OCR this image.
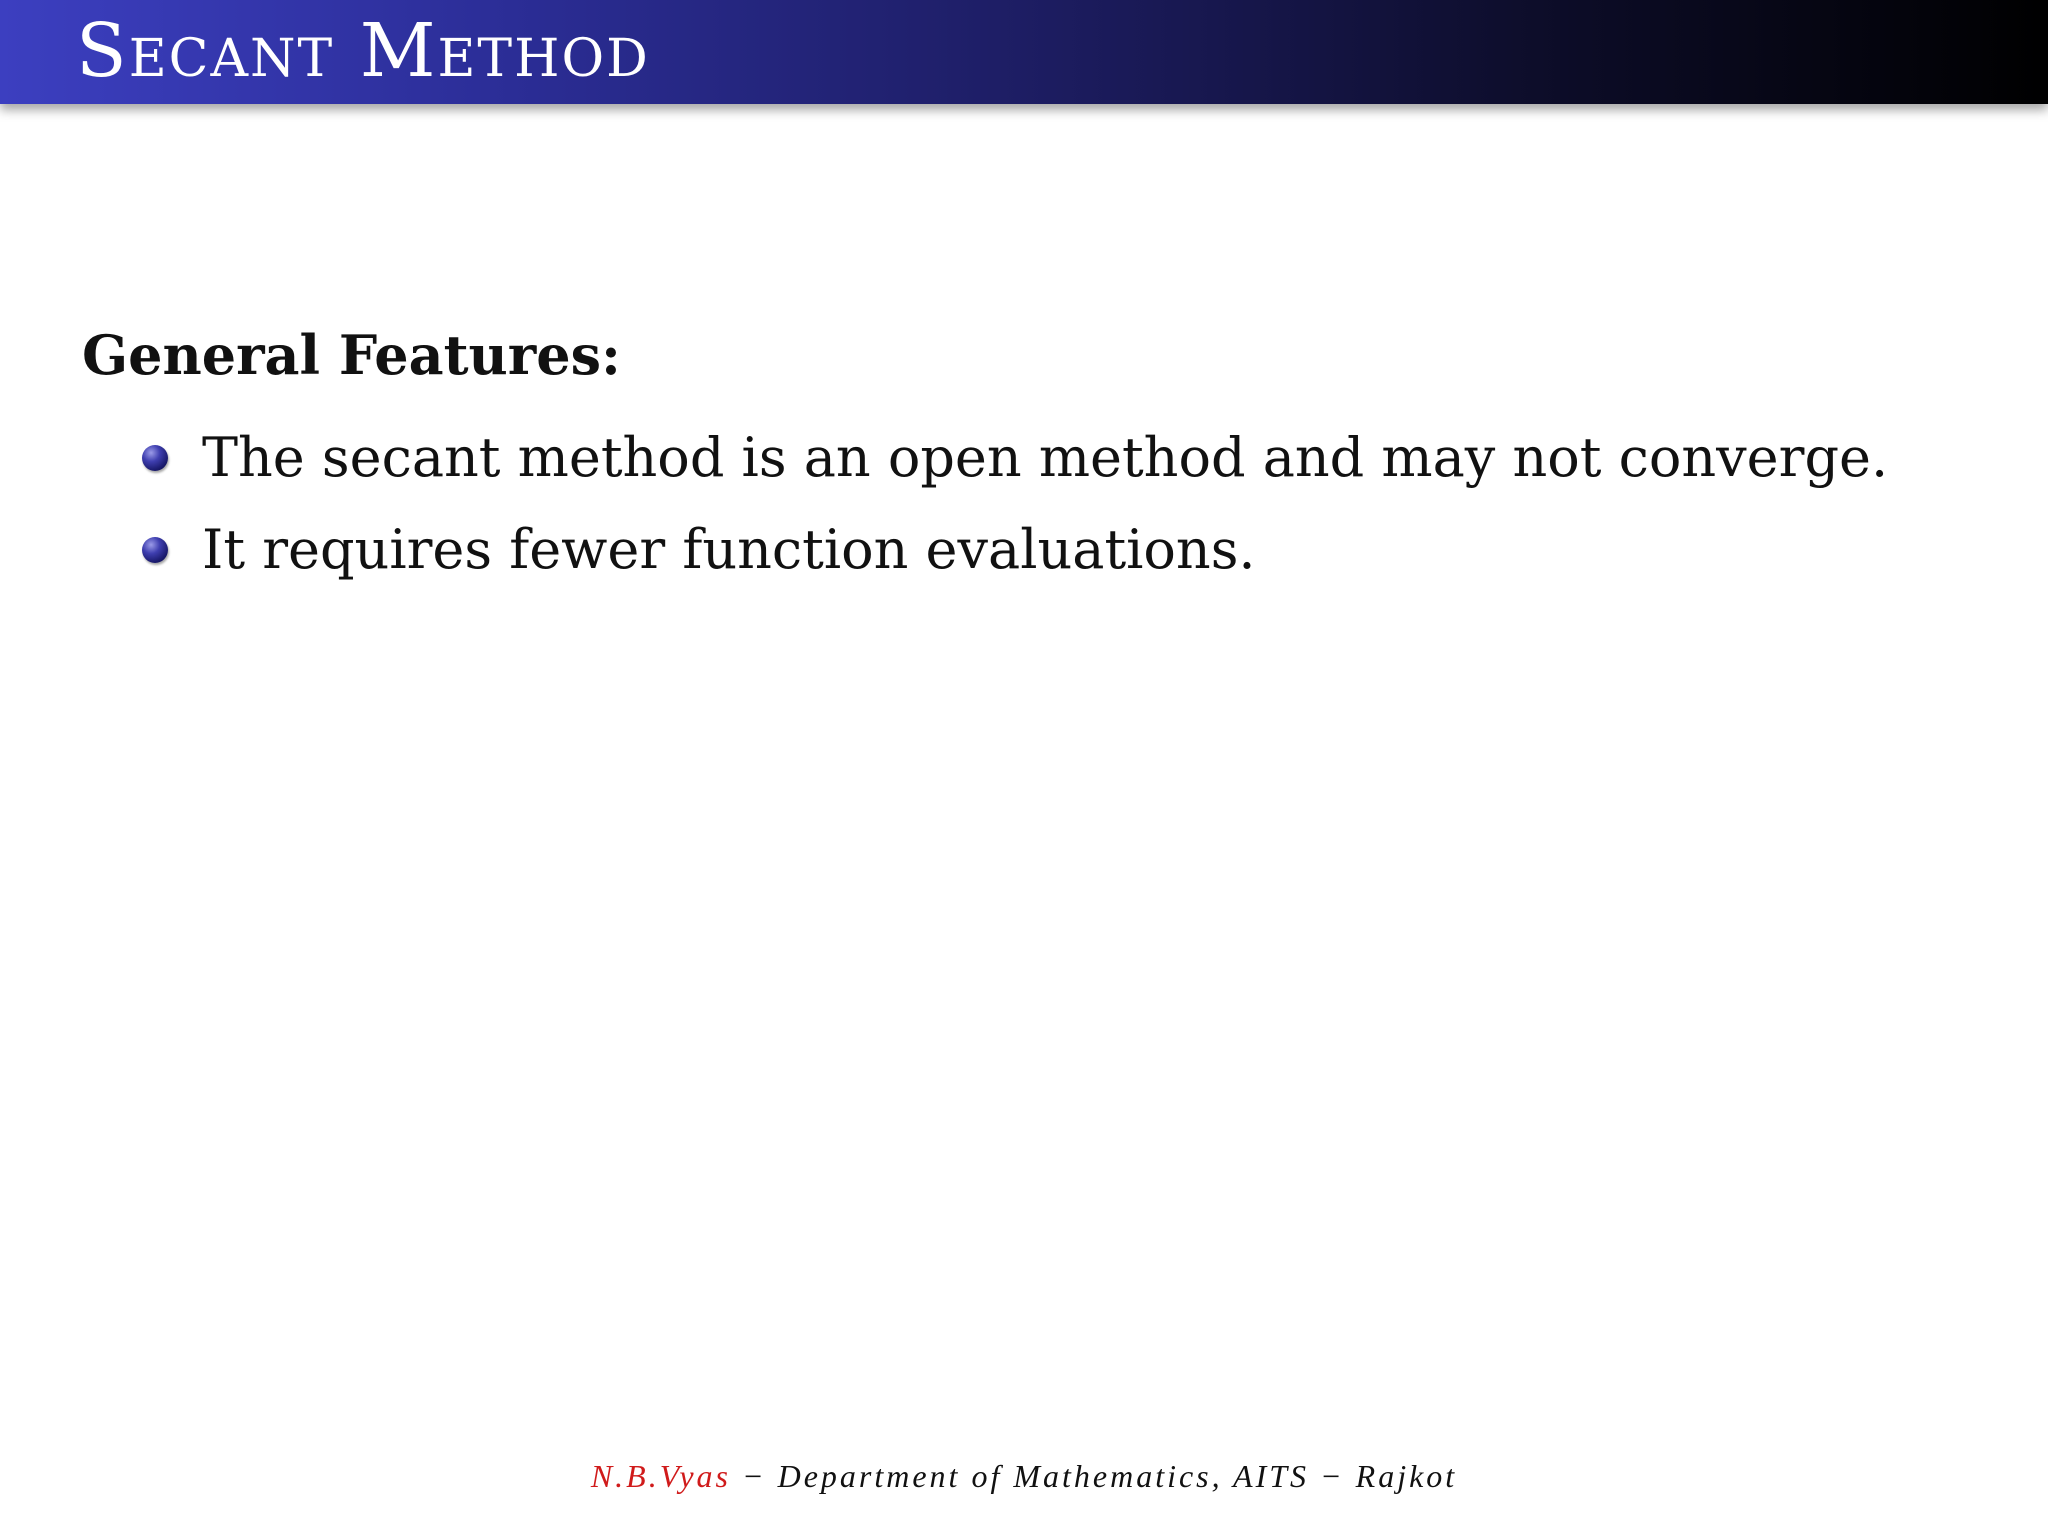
Secant Method
General Features:
The secant method is an open method and may not converge.
It requires fewer function evaluations.
N.B.Vyas − Department of Mathematics, AITS − Rajkot
